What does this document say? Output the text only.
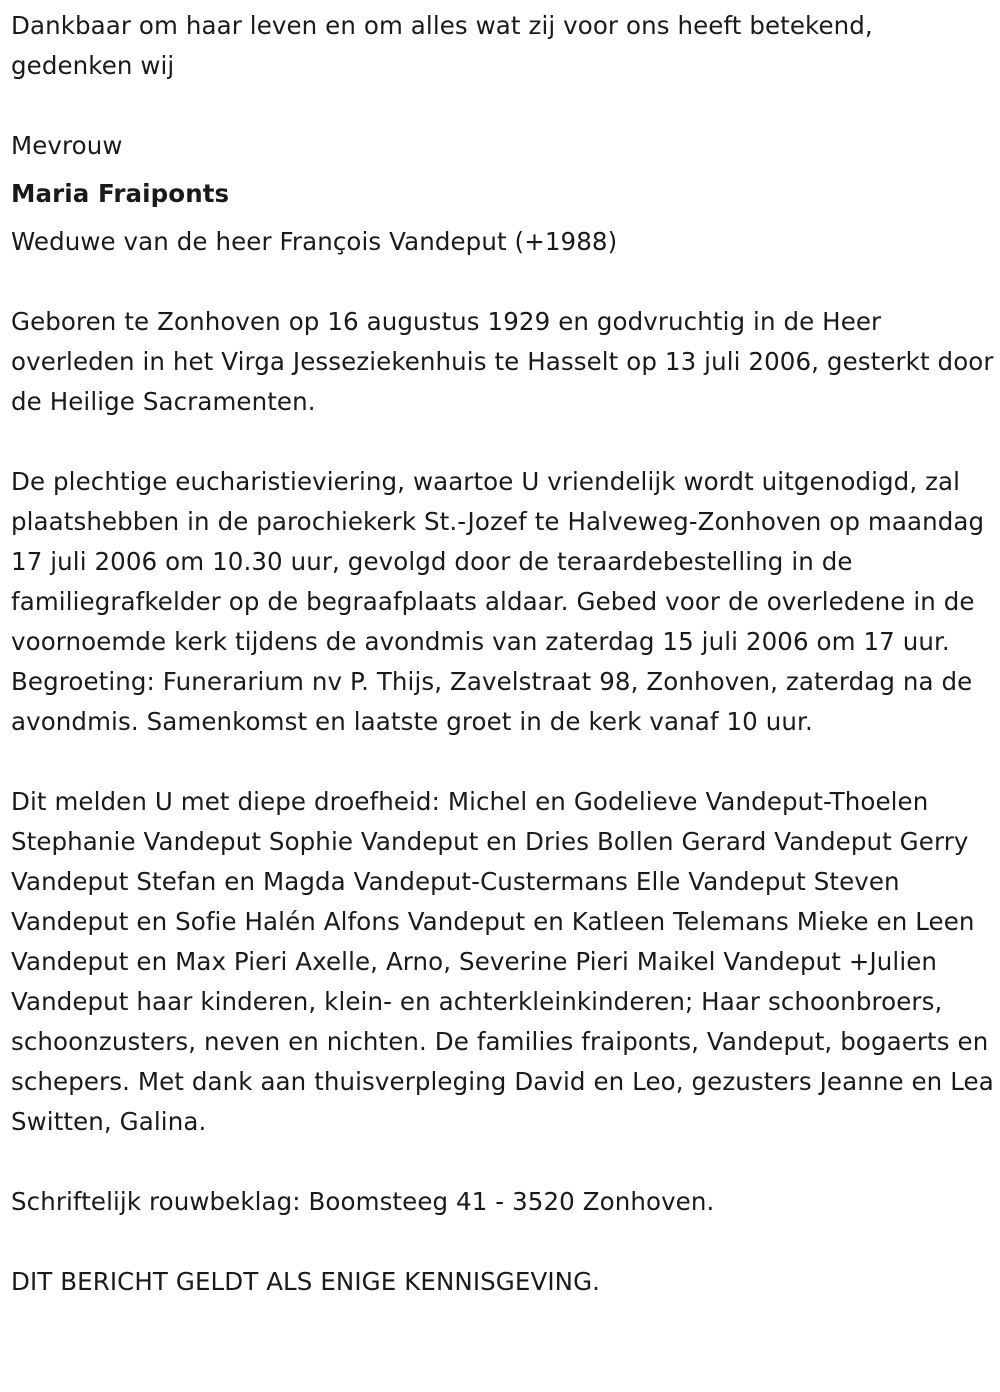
Dankbaar om haar leven en om alles wat zij voor ons heeft betekend, gedenken wij

Mevrouw

Maria Fraiponts

Weduwe van de heer François Vandeput (+1988)

Geboren te Zonhoven op 16 augustus 1929 en godvruchtig in de Heer overleden in het Virga Jesseziekenhuis te Hasselt op 13 juli 2006, gesterkt door de Heilige Sacramenten.

De plechtige eucharistieviering, waartoe U vriendelijk wordt uitgenodigd, zal plaatshebben in de parochiekerk St.-Jozef te Halveweg-Zonhoven op maandag 17 juli 2006 om 10.30 uur, gevolgd door de teraardebestelling in de familiegrafkelder op de begraafplaats aldaar. Gebed voor de overledene in de voornoemde kerk tijdens de avondmis van zaterdag 15 juli 2006 om 17 uur. Begroeting: Funerarium nv P. Thijs, Zavelstraat 98, Zonhoven, zaterdag na de avondmis. Samenkomst en laatste groet in de kerk vanaf 10 uur.

Dit melden U met diepe droefheid: Michel en Godelieve Vandeput-Thoelen Stephanie Vandeput Sophie Vandeput en Dries Bollen Gerard Vandeput Gerry Vandeput Stefan en Magda Vandeput-Custermans Elle Vandeput Steven Vandeput en Sofie Halén Alfons Vandeput en Katleen Telemans Mieke en Leen Vandeput en Max Pieri Axelle, Arno, Severine Pieri Maikel Vandeput +Julien Vandeput haar kinderen, klein- en achterkleinkinderen; Haar schoonbroers, schoonzusters, neven en nichten. De families fraiponts, Vandeput, bogaerts en schepers. Met dank aan thuisverpleging David en Leo, gezusters Jeanne en Lea Switten, Galina.

Schriftelijk rouwbeklag: Boomsteeg 41 - 3520 Zonhoven.

DIT BERICHT GELDT ALS ENIGE KENNISGEVING.
